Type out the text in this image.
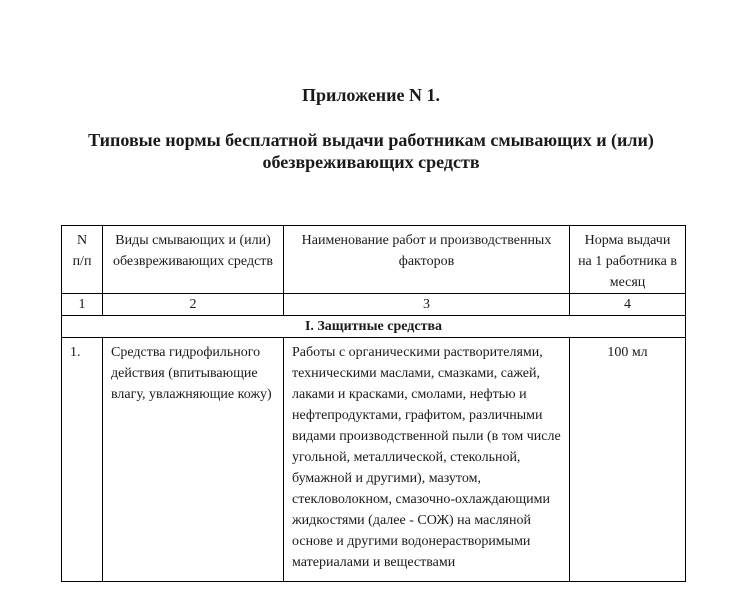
Приложение N 1.
Типовые нормы бесплатной выдачи работникам смывающих и (или) обезвреживающих средств
N п/п	Виды смывающих и (или) обезвреживающих средств	Наименование работ и производственных факторов	Норма выдачи на 1 работника в месяц
1	2	3	4
I. Защитные средства			
1.	Средства гидрофильного действия (впитывающие влагу, увлажняющие кожу)	Работы с органическими растворителями, техническими маслами, смазками, сажей, лаками и красками, смолами, нефтью и нефтепродуктами, графитом, различными видами производственной пыли (в том числе угольной, металлической, стекольной, бумажной и другими), мазутом, стекловолокном, смазочно-охлаждающими жидкостями (далее - СОЖ) на масляной основе и другими водонерастворимыми материалами и веществами	100 мл
